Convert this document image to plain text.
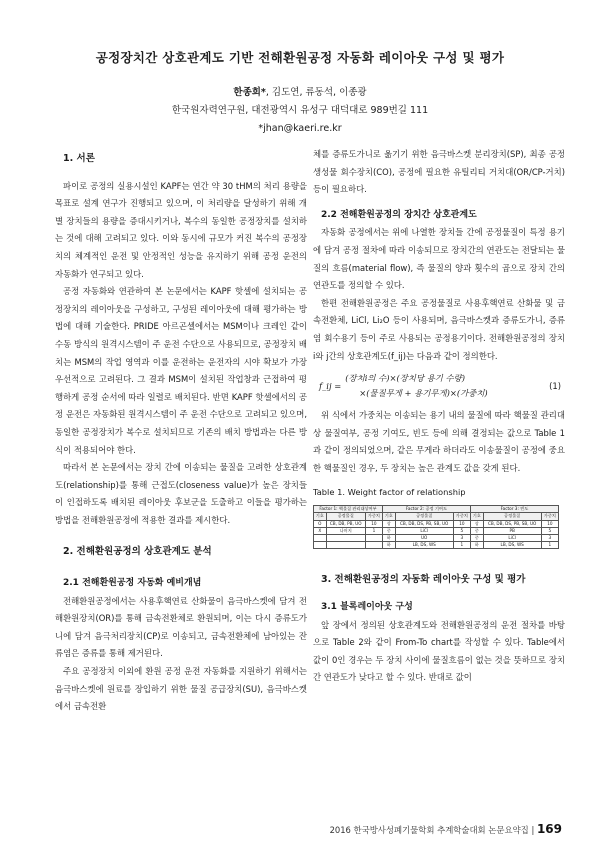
공정장치간 상호관계도 기반 전해환원공정 자동화 레이아웃 구성 및 평가
한종희*, 김도연, 류동석, 이종광
한국원자력연구원, 대전광역시 유성구 대덕대로 989번길 111
*jhan@kaeri.re.kr

1. 서론

파이로 공정의 실용시설인 KAPF는 연간 약 30 tHM의 처리 용량을 목표로 설계 연구가 진행되고 있으며, 이 처리량을 달성하기 위해 개별 장치들의 용량을 증대시키거나, 복수의 동일한 공정장치를 설치하는 것에 대해 고려되고 있다. 이와 동시에 규모가 커진 복수의 공정장치의 체계적인 운전 및 안정적인 성능을 유지하기 위해 공정 운전의 자동화가 연구되고 있다.

공정 자동화와 연관하여 본 논문에서는 KAPF 핫셀에 설치되는 공정장치의 레이아웃을 구성하고, 구성된 레이아웃에 대해 평가하는 방법에 대해 기술한다. PRIDE 아르곤셀에서는 MSM이나 크레인 같이 수동 방식의 원격시스템이 주 운전 수단으로 사용되므로, 공정장치 배치는 MSM의 작업 영역과 이를 운전하는 운전자의 시야 확보가 가장 우선적으로 고려된다. 그 결과 MSM이 설치된 작업창과 근접하여 평행하게 공정 순서에 따라 일렬로 배치된다. 반면 KAPF 핫셀에서의 공정 운전은 자동화된 원격시스템이 주 운전 수단으로 고려되고 있으며, 동일한 공정장치가 복수로 설치되므로 기존의 배치 방법과는 다른 방식이 적용되어야 한다.

따라서 본 논문에서는 장치 간에 이송되는 물질을 고려한 상호관계도(relationship)를 통해 근접도(closeness value)가 높은 장치들이 인접하도록 배치된 레이아웃 후보군을 도출하고 이들을 평가하는 방법을 전해환원공정에 적용한 결과를 제시한다.

2. 전해환원공정의 상호관계도 분석

2.1 전해환원공정 자동화 예비개념

전해환원공정에서는 사용후핵연료 산화물이 음극바스켓에 담겨 전해환원장치(OR)를 통해 금속전환체로 환원되며, 이는 다시 증류도가니에 담겨 음극처리장치(CP)로 이송되고, 금속전환체에 남아있는 잔류염은 증류를 통해 제거된다.

주요 공정장치 이외에 환원 공정 운전 자동화를 지원하기 위해서는 음극바스켓에 원료를 장입하기 위한 물질 공급장치(SU), 음극바스켓에서 금속전환

체를 증류도가니로 옮기기 위한 음극바스켓 분리장치(SP), 최종 공정 생성물 회수장치(CO), 공정에 필요한 유틸리티 거치대(OR/CP-거치) 등이 필요하다.

2.2 전해환원공정의 장치간 상호관계도

자동화 공정에서는 위에 나열한 장치들 간에 공정물질이 특정 용기에 담겨 공정 절차에 따라 이송되므로 장치간의 연관도는 전달되는 물질의 흐름(material flow), 즉 물질의 양과 횟수의 곱으로 장치 간의 연관도를 정의할 수 있다.

한편 전해환원공정은 주요 공정물질로 사용후핵연료 산화물 및 금속전환체, LiCl, Li₂O 등이 사용되며, 음극바스켓과 증류도가니, 증류염 회수용기 등이 주로 사용되는 공정용기이다. 전해환원공정의 장치 i와 j간의 상호관계도(f_ij)는 다음과 같이 정의한다.

f_ij =
(장치i의 수)×(장치당 용기 수량)
×(물질무게 + 용기무게)×(가중치)
(1)

위 식에서 가중치는 이송되는 용기 내의 물질에 따라 핵물질 관리대상 물질여부, 공정 기여도, 빈도 등에 의해 결정되는 값으로 Table 1과 같이 정의되었으며, 같은 무게라 하더라도 이송물질이 공정에 중요한 핵물질인 경우, 두 장치는 높은 관계도 값을 갖게 된다.

Table 1. Weight factor of relationship
Factor 1: 핵물질 관리대상여부			Factor 2: 공정 기여도			Factor 3: 빈도		
기호	공정물질	가중치	기호	공정물질	가중치	기호	공정물질	가중치
O	CB, DB, PB, UO	10	상	CB, DB, DS, PB, SB, UO	10	상	CB, DB, DS, PB, SB, UO	10
X	나머지	1	중	LiCl	5	중	PB	5
			하	UO	3	중	LiCl	3
			하	LB, DS, WS	1	하	LB, DS, WS	1

3. 전해환원공정의 자동화 레이아웃 구성 및 평가

3.1 블록레이아웃 구성

앞 장에서 정의된 상호관계도와 전해환원공정의 운전 절차를 바탕으로 Table 2와 같이 From-To chart를 작성할 수 있다. Table에서 값이 0인 경우는 두 장치 사이에 물질흐름이 없는 것을 뜻하므로 장치간 연관도가 낮다고 할 수 있다. 반대로 값이

2016 한국방사성폐기물학회 추계학술대회 논문요약집 | 169
